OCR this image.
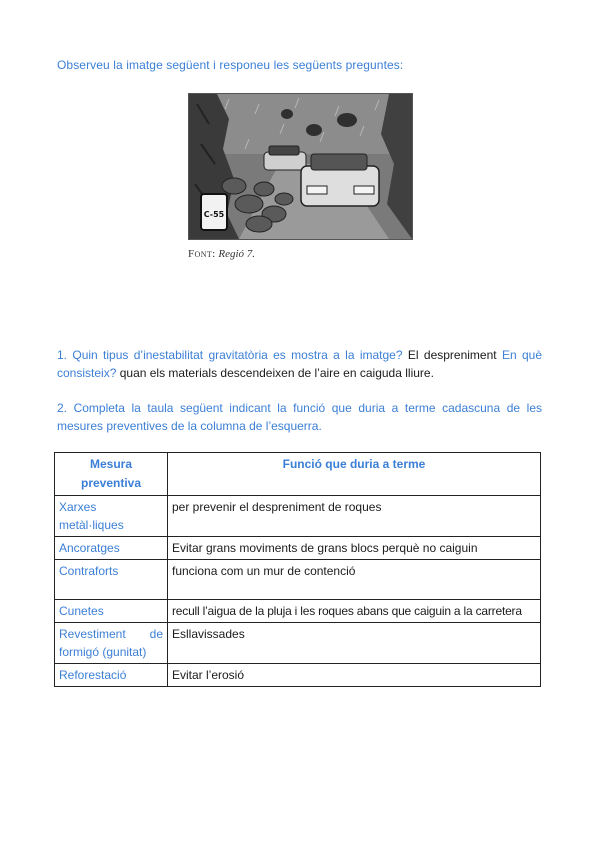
Observeu la imatge següent i responeu les següents preguntes:

C-55
Font: Regió 7.

1. Quin tipus d’inestabilitat gravitatòria es mostra a la imatge? El despreniment En què consisteix? quan els materials descendeixen de l’aire en caiguda lliure.

2. Completa la taula següent indicant la funció que duria a terme cadascuna de les mesures preventives de la columna de l’esquerra.

Mesura preventiva	Funció que duria a terme
Xarxes metàl·liques	per prevenir el despreniment de roques
Ancoratges	Evitar grans moviments de grans blocs perquè no caiguin
Contraforts	funciona com un mur de contenció
Cunetes	recull l’aigua de la pluja i les roques abans que caiguin a la carretera
Revestiment de formigó (gunitat)	Esllavissades
Reforestació	Evitar l’erosió
